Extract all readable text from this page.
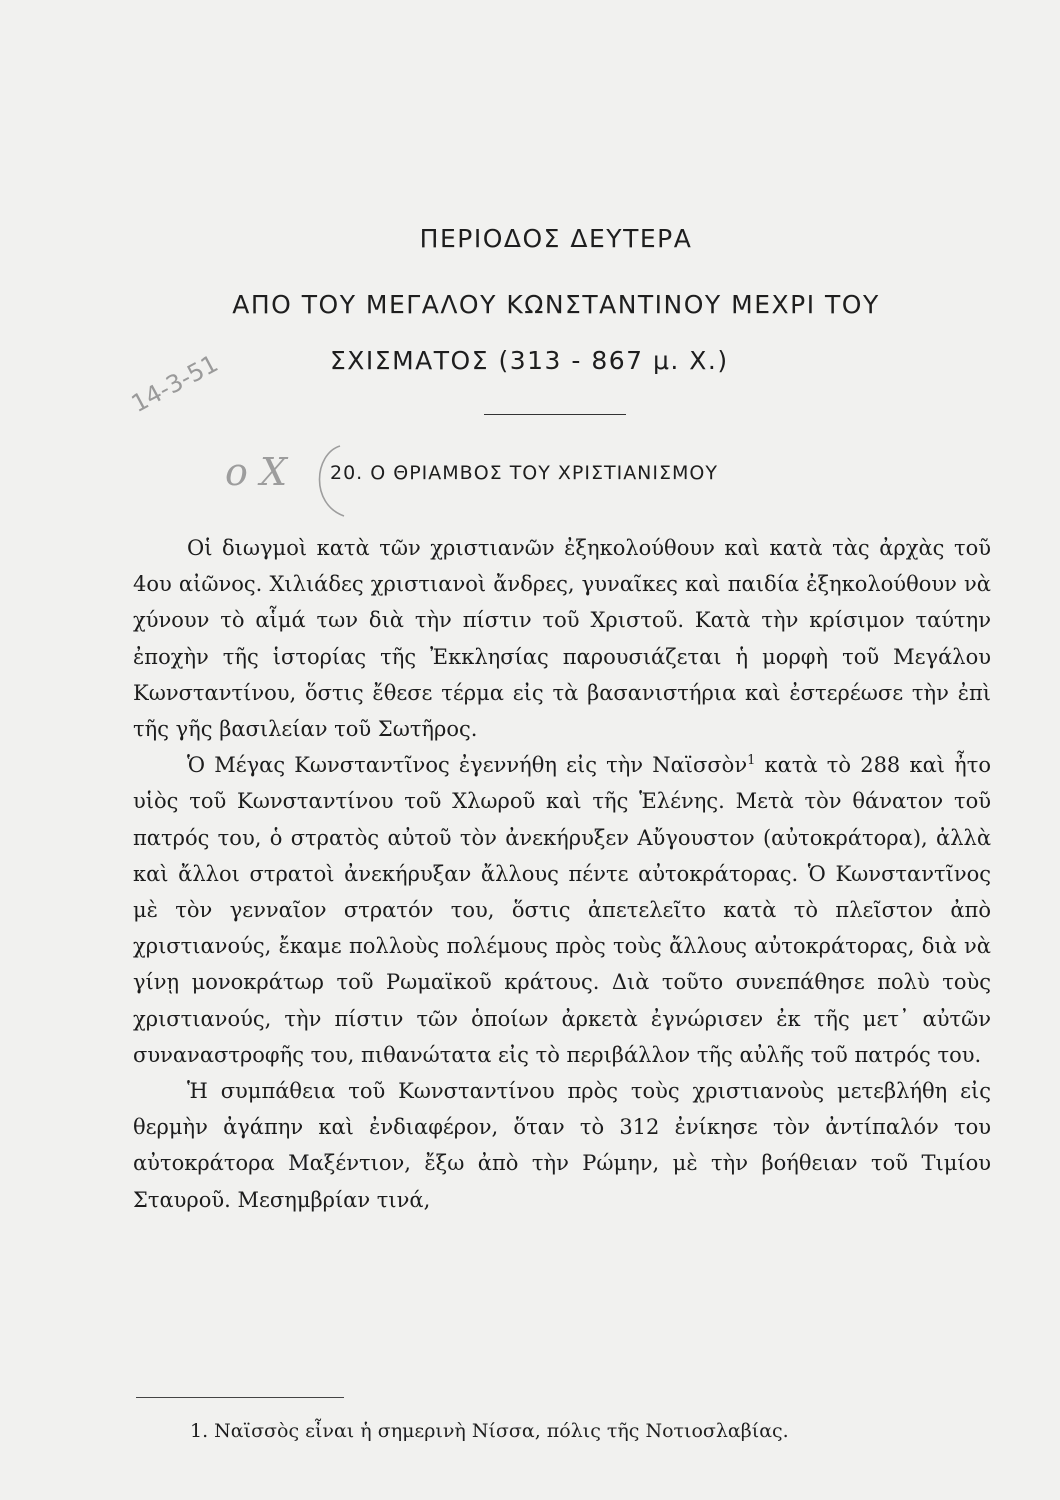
14-3-51
ο Χ
ΠΕΡΙΟΔΟΣ ΔΕΥΤΕΡΑ
ΑΠΟ ΤΟΥ ΜΕΓΑΛΟΥ ΚΩΝΣΤΑΝΤΙΝΟΥ ΜΕΧΡΙ ΤΟΥ
ΣΧΙΣΜΑΤΟΣ (313 - 867 μ. Χ.)
20. Ο ΘΡΙΑΜΒΟΣ ΤΟΥ ΧΡΙΣΤΙΑΝΙΣΜΟΥ

Οἱ διωγμοὶ κατὰ τῶν χριστιανῶν ἐξηκολούθουν καὶ κατὰ τὰς ἀρχὰς τοῦ 4ου αἰῶνος. Χιλιάδες χριστιανοὶ ἄνδρες, γυναῖκες καὶ παιδία ἐξηκολούθουν νὰ χύνουν τὸ αἷμά των διὰ τὴν πίστιν τοῦ Χριστοῦ. Κατὰ τὴν κρίσιμον ταύτην ἐποχὴν τῆς ἱστορίας τῆς Ἐκκλησίας παρουσιάζεται ἡ μορφὴ τοῦ Μεγάλου Κωνσταντίνου, ὅστις ἔθεσε τέρμα εἰς τὰ βασανιστήρια καὶ ἐστερέωσε τὴν ἐπὶ τῆς γῆς βασιλείαν τοῦ Σωτῆρος.

Ὁ Μέγας Κωνσταντῖνος ἐγεννήθη εἰς τὴν Ναϊσσὸν$^1$ κατὰ τὸ 288 καὶ ἦτο υἱὸς τοῦ Κωνσταντίνου τοῦ Χλωροῦ καὶ τῆς Ἑλένης. Μετὰ τὸν θάνατον τοῦ πατρός του, ὁ στρατὸς αὐτοῦ τὸν ἀνεκήρυξεν Αὔγουστον (αὐτοκράτορα), ἀλλὰ καὶ ἄλλοι στρατοὶ ἀνεκήρυξαν ἄλλους πέντε αὐτοκράτορας. Ὁ Κωνσταντῖνος μὲ τὸν γενναῖον στρατόν του, ὅστις ἀπετελεῖτο κατὰ τὸ πλεῖστον ἀπὸ χριστιανούς, ἔκαμε πολλοὺς πολέμους πρὸς τοὺς ἄλλους αὐτοκράτορας, διὰ νὰ γίνῃ μονοκράτωρ τοῦ Ρωμαϊκοῦ κράτους. Διὰ τοῦτο συνεπάθησε πολὺ τοὺς χριστιανούς, τὴν πίστιν τῶν ὁποίων ἀρκετὰ ἐγνώρισεν ἐκ τῆς μετ᾽ αὐτῶν συναναστροφῆς του, πιθανώτατα εἰς τὸ περιβάλλον τῆς αὐλῆς τοῦ πατρός του.

Ἡ συμπάθεια τοῦ Κωνσταντίνου πρὸς τοὺς χριστιανοὺς μετεβλήθη εἰς θερμὴν ἀγάπην καὶ ἐνδιαφέρον, ὅταν τὸ 312 ἐνίκησε τὸν ἀντίπαλόν του αὐτοκράτορα Μαξέντιον, ἔξω ἀπὸ τὴν Ρώμην, μὲ τὴν βοήθειαν τοῦ Τιμίου Σταυροῦ. Μεσημβρίαν τινά,

1. Ναϊσσὸς εἶναι ἡ σημερινὴ Νίσσα, πόλις τῆς Νοτιοσλαβίας.
